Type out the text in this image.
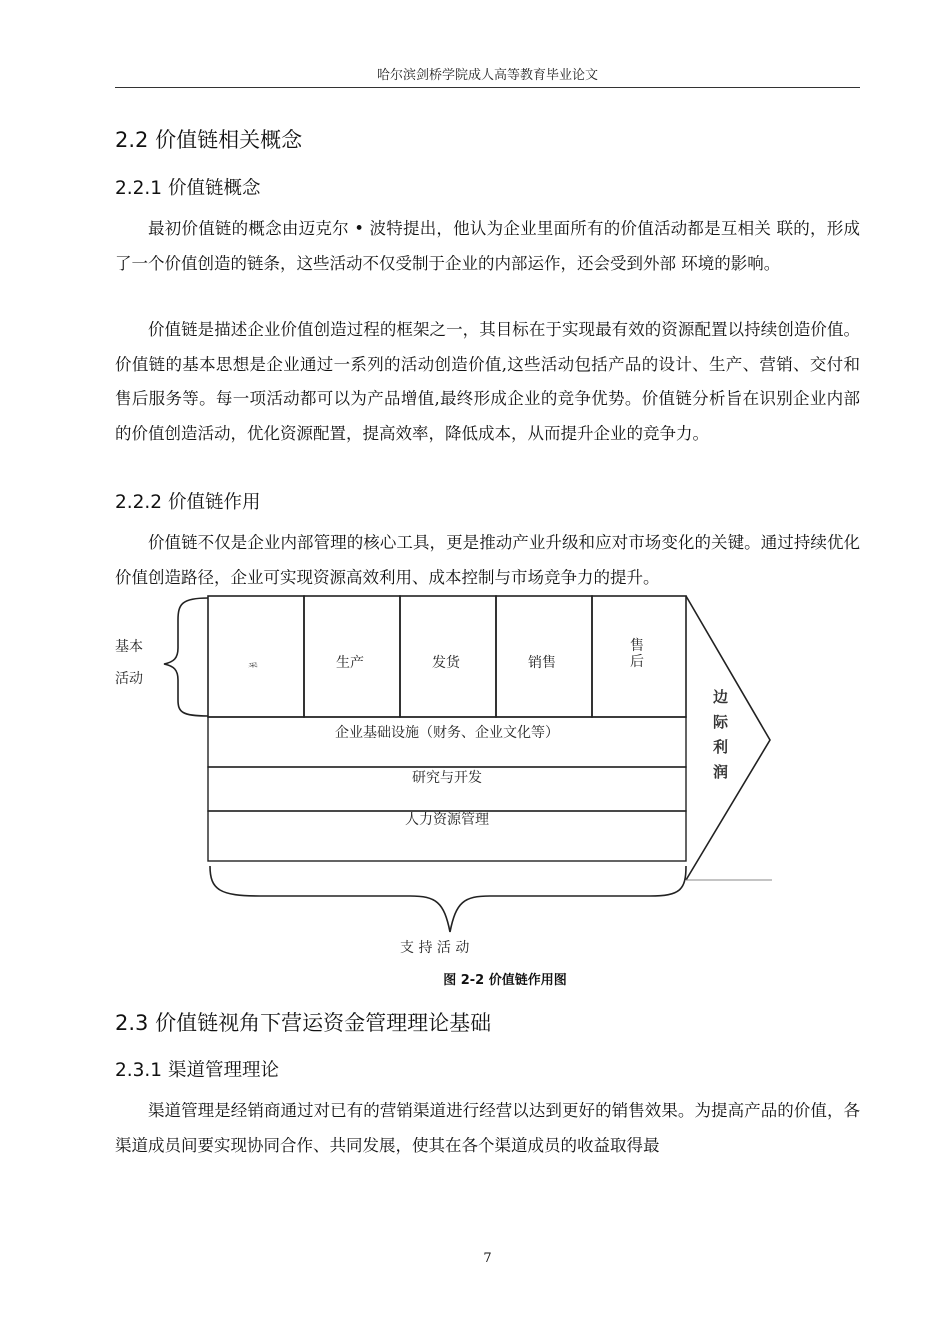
哈尔滨剑桥学院成人高等教育毕业论文
2.2 价值链相关概念
2.2.1 价值链概念

最初价值链的概念由迈克尔 • 波特提出，他认为企业里面所有的价值活动都是互相关 联的，形成了一个价值创造的链条，这些活动不仅受制于企业的内部运作，还会受到外部 环境的影响。

价值链是描述企业价值创造过程的框架之一，其目标在于实现最有效的资源配置以持续创造价值。价值链的基本思想是企业通过一系列的活动创造价值,这些活动包括产品的设计、生产、营销、交付和售后服务等。每一项活动都可以为产品增值,最终形成企业的竞争优势。价值链分析旨在识别企业内部的价值创造活动，优化资源配置，提高效率，降低成本，从而提升企业的竞争力。

2.2.2 价值链作用

价值链不仅是企业内部管理的核心工具，更是推动产业升级和应对市场变化的关键。通过持续优化价值创造路径，企业可实现资源高效利用、成本控制与市场竞争力的提升。

基本
活动
采	生产	发货	销售
售
后
企业基础设施（财务、企业文化等）
研究与开发
人力资源管理
边
际
利
润
支 持 活 动
图 2-2 价值链作用图
2.3 价值链视角下营运资金管理理论基础
2.3.1 渠道管理理论

渠道管理是经销商通过对已有的营销渠道进行经营以达到更好的销售效果。为提高产品的价值，各渠道成员间要实现协同合作、共同发展，使其在各个渠道成员的收益取得最

7
